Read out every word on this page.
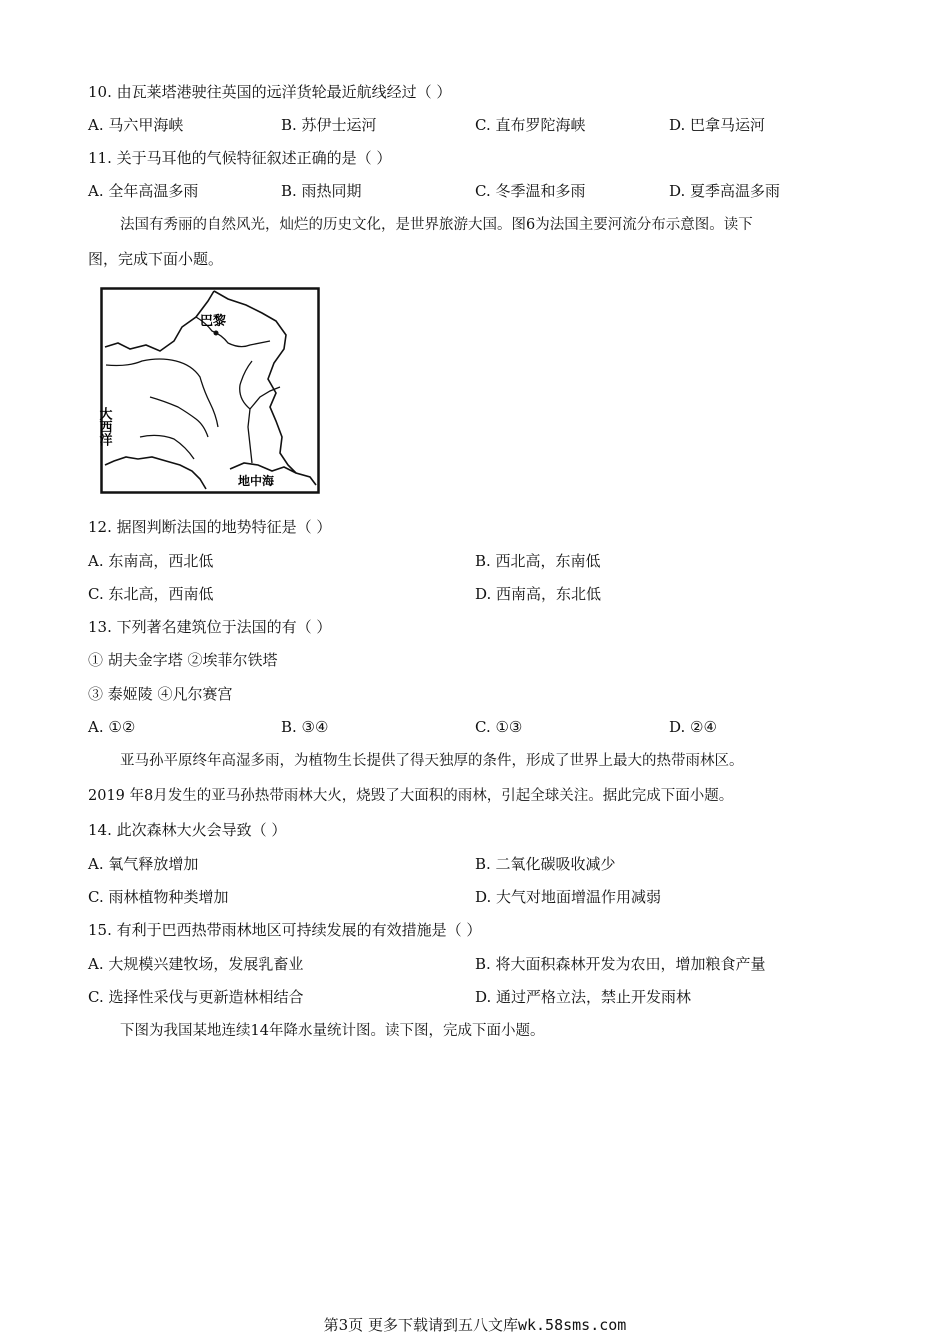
10. 由瓦莱塔港驶往英国的远洋货轮最近航线经过（ ）
A. 马六甲海峡	B. 苏伊士运河	C. 直布罗陀海峡	D. 巴拿马运河
11. 关于马耳他的气候特征叙述正确的是（ ）
A. 全年高温多雨	B. 雨热同期	C. 冬季温和多雨	D. 夏季高温多雨
法国有秀丽的自然风光，灿烂的历史文化，是世界旅游大国。图6为法国主要河流分布示意图。读下
图，完成下面小题。
巴黎
大西洋
地中海
12. 据图判断法国的地势特征是（ ）
A. 东南高，西北低	B. 西北高，东南低
C. 东北高，西南低	D. 西南高，东北低
13. 下列著名建筑位于法国的有（ ）
① 胡夫金字塔 ②埃菲尔铁塔
③ 泰姬陵 ④凡尔赛宫
A. ①②	B. ③④	C. ①③	D. ②④
亚马孙平原终年高湿多雨，为植物生长提供了得天独厚的条件，形成了世界上最大的热带雨林区。
2019 年8月发生的亚马孙热带雨林大火，烧毁了大面积的雨林，引起全球关注。据此完成下面小题。
14. 此次森林大火会导致（ ）
A. 氧气释放增加	B. 二氧化碳吸收减少
C. 雨林植物种类增加	D. 大气对地面增温作用减弱
15. 有利于巴西热带雨林地区可持续发展的有效措施是（ ）
A. 大规模兴建牧场，发展乳畜业	B. 将大面积森林开发为农田，增加粮食产量
C. 选择性采伐与更新造林相结合	D. 通过严格立法，禁止开发雨林
下图为我国某地连续14年降水量统计图。读下图，完成下面小题。
第3页 更多下载请到五八文库wk.58sms.com
